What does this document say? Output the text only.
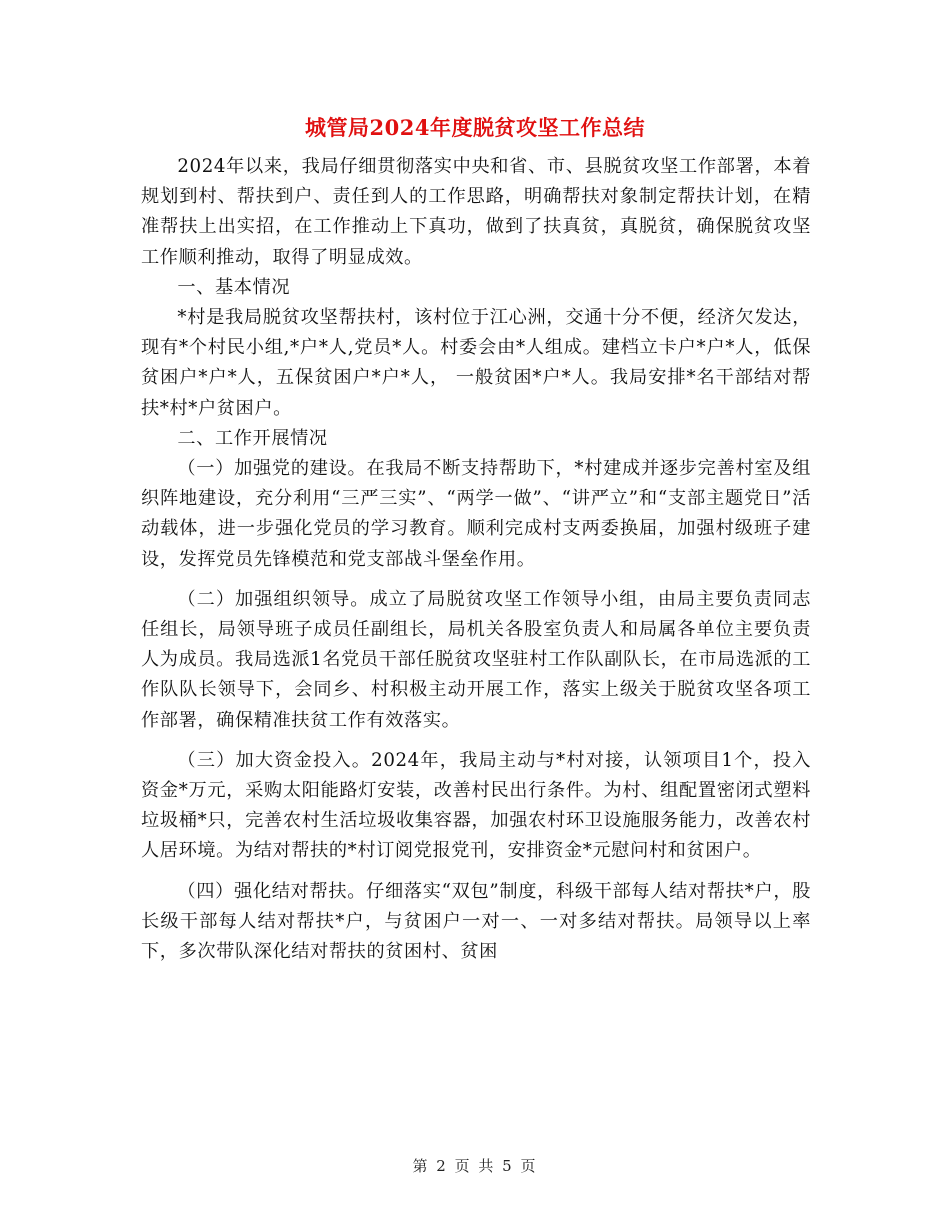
城管局2024年度脱贫攻坚工作总结

2024年以来，我局仔细贯彻落实中央和省、市、县脱贫攻坚工作部署，本着规划到村、帮扶到户、责任到人的工作思路，明确帮扶对象制定帮扶计划，在精准帮扶上出实招，在工作推动上下真功，做到了扶真贫，真脱贫，确保脱贫攻坚工作顺利推动，取得了明显成效。

一、基本情况

*村是我局脱贫攻坚帮扶村，该村位于江心洲，交通十分不便，经济欠发达，现有*个村民小组,*户*人,党员*人。村委会由*人组成。建档立卡户*户*人，低保贫困户*户*人，五保贫困户*户*人， 一般贫困*户*人。我局安排*名干部结对帮扶*村*户贫困户。

二、工作开展情况

（一）加强党的建设。在我局不断支持帮助下，*村建成并逐步完善村室及组织阵地建设，充分利用“三严三实”、“两学一做”、“讲严立”和“支部主题党日”活动载体，进一步强化党员的学习教育。顺利完成村支两委换届，加强村级班子建设，发挥党员先锋模范和党支部战斗堡垒作用。

（二）加强组织领导。成立了局脱贫攻坚工作领导小组，由局主要负责同志任组长，局领导班子成员任副组长，局机关各股室负责人和局属各单位主要负责人为成员。我局选派1名党员干部任脱贫攻坚驻村工作队副队长，在市局选派的工作队队长领导下，会同乡、村积极主动开展工作，落实上级关于脱贫攻坚各项工作部署，确保精准扶贫工作有效落实。

（三）加大资金投入。2024年，我局主动与*村对接，认领项目1个，投入资金*万元，采购太阳能路灯安装，改善村民出行条件。为村、组配置密闭式塑料垃圾桶*只，完善农村生活垃圾收集容器，加强农村环卫设施服务能力，改善农村人居环境。为结对帮扶的*村订阅党报党刊，安排资金*元慰问村和贫困户。

（四）强化结对帮扶。仔细落实“双包”制度，科级干部每人结对帮扶*户，股长级干部每人结对帮扶*户，与贫困户一对一、一对多结对帮扶。局领导以上率下，多次带队深化结对帮扶的贫困村、贫困

第 2 页 共 5 页
